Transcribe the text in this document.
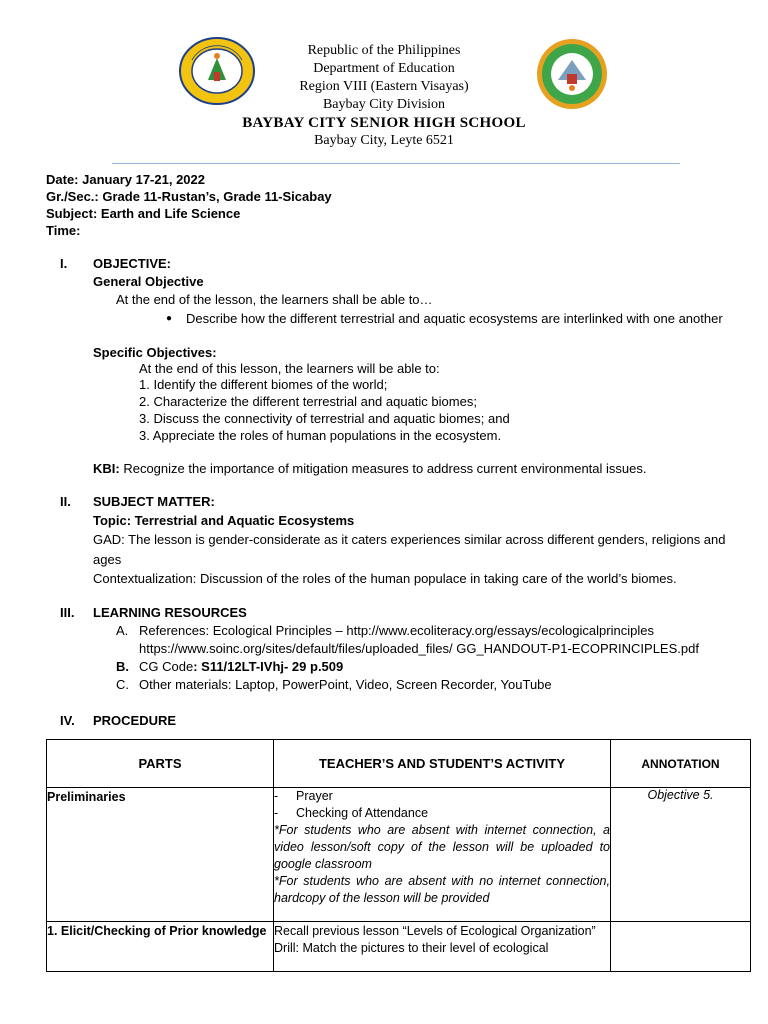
Republic of the Philippines
Department of Education
Region VIII (Eastern Visayas)
Baybay City Division
BAYBAY CITY SENIOR HIGH SCHOOL
Baybay City, Leyte 6521
Date: January 17-21, 2022
Gr./Sec.: Grade 11-Rustan’s, Grade 11-Sicabay
Subject: Earth and Life Science
Time:
I. OBJECTIVE:
General Objective
At the end of the lesson, the learners shall be able to…
● Describe how the different terrestrial and aquatic ecosystems are interlinked with one another
Specific Objectives:
At the end of this lesson, the learners will be able to:
1. Identify the different biomes of the world;
2. Characterize the different terrestrial and aquatic biomes;
3. Discuss the connectivity of terrestrial and aquatic biomes; and
3. Appreciate the roles of human populations in the ecosystem.
KBI: Recognize the importance of mitigation measures to address current environmental issues.
II. SUBJECT MATTER:
Topic: Terrestrial and Aquatic Ecosystems
GAD: The lesson is gender-considerate as it caters experiences similar across different genders, religions and
ages
Contextualization: Discussion of the roles of the human populace in taking care of the world’s biomes.
III. LEARNING RESOURCES
A. References: Ecological Principles – http://www.ecoliteracy.org/essays/ecologicalprinciples
https://www.soinc.org/sites/default/files/uploaded_files/ GG_HANDOUT-P1-ECOPRINCIPLES.pdf
B. CG Code: S11/12LT-IVhj- 29 p.509
C. Other materials: Laptop, PowerPoint, Video, Screen Recorder, YouTube
IV. PROCEDURE
PARTS	TEACHER’S AND STUDENT’S ACTIVITY	ANNOTATION
Preliminaries	- Prayer
- Checking of Attendance
*For students who are absent with internet connection, a video lesson/soft copy of the lesson will be uploaded to google classroom
*For students who are absent with no internet connection, hardcopy of the lesson will be provided	Objective 5.
1. Elicit/Checking of Prior knowledge	Recall previous lesson “Levels of Ecological Organization”
Drill: Match the pictures to their level of ecological	
